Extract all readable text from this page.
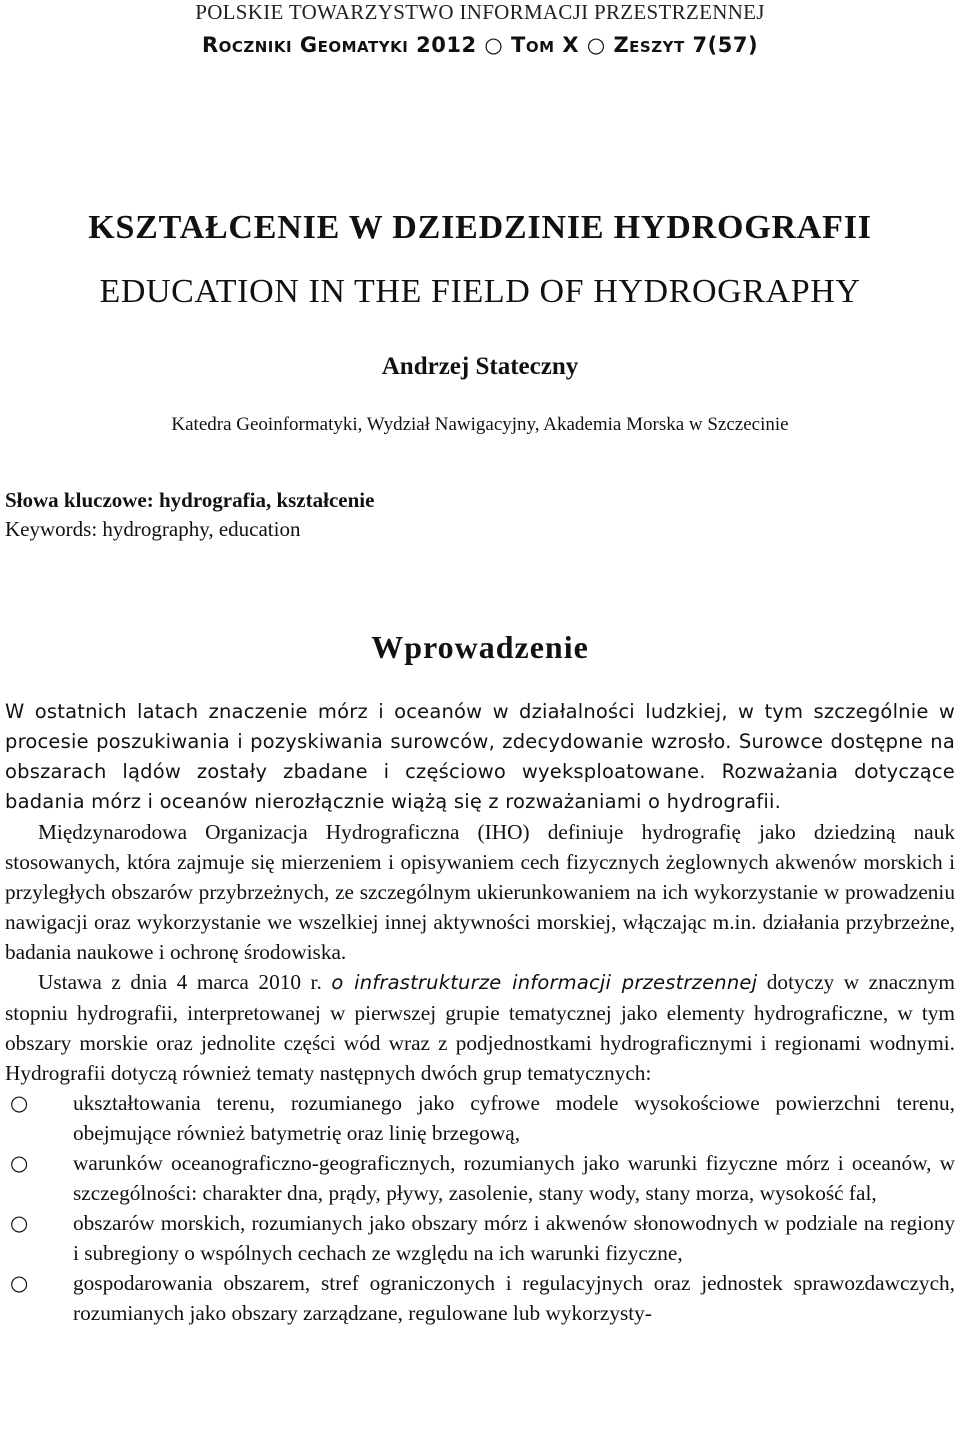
POLSKIE TOWARZYSTWO INFORMACJI PRZESTRZENNEJ
Roczniki Geomatyki 2012 ○ Tom X ○ Zeszyt 7(57)
KSZTAŁCENIE W DZIEDZINIE HYDROGRAFII
EDUCATION IN THE FIELD OF HYDROGRAPHY
Andrzej Stateczny
Katedra Geoinformatyki, Wydział Nawigacyjny, Akademia Morska w Szczecinie
Słowa kluczowe: hydrografia, kształcenie
Keywords: hydrography, education
Wprowadzenie

W ostatnich latach znaczenie mórz i oceanów w działalności ludzkiej, w tym szczególnie w procesie poszukiwania i pozyskiwania surowców, zdecydowanie wzrosło. Surowce dostępne na obszarach lądów zostały zbadane i częściowo wyeksploatowane. Rozważania dotyczące badania mórz i oceanów nierozłącznie wiążą się z rozważaniami o hydrografii.

Międzynarodowa Organizacja Hydrograficzna (IHO) definiuje hydrografię jako dziedziną nauk stosowanych, która zajmuje się mierzeniem i opisywaniem cech fizycznych żeglownych akwenów morskich i przyległych obszarów przybrzeżnych, ze szczególnym ukierunkowaniem na ich wykorzystanie w prowadzeniu nawigacji oraz wykorzystanie we wszelkiej innej aktywności morskiej, włączając m.in. działania przybrzeżne, badania naukowe i ochronę środowiska.

Ustawa z dnia 4 marca 2010 r. o infrastrukturze informacji przestrzennej dotyczy w znacznym stopniu hydrografii, interpretowanej w pierwszej grupie tematycznej jako elementy hydrograficzne, w tym obszary morskie oraz jednolite części wód wraz z podjednostkami hydrograficznymi i regionami wodnymi. Hydrografii dotyczą również tematy następnych dwóch grup tematycznych:

○ ukształtowania terenu, rozumianego jako cyfrowe modele wysokościowe powierzchni terenu, obejmujące również batymetrię oraz linię brzegową,
○ warunków oceanograficzno-geograficznych, rozumianych jako warunki fizyczne mórz i oceanów, w szczególności: charakter dna, prądy, pływy, zasolenie, stany wody, stany morza, wysokość fal,
○ obszarów morskich, rozumianych jako obszary mórz i akwenów słonowodnych w podziale na regiony i subregiony o wspólnych cechach ze względu na ich warunki fizyczne,
○ gospodarowania obszarem, stref ograniczonych i regulacyjnych oraz jednostek sprawozdawczych, rozumianych jako obszary zarządzane, regulowane lub wykorzysty-
